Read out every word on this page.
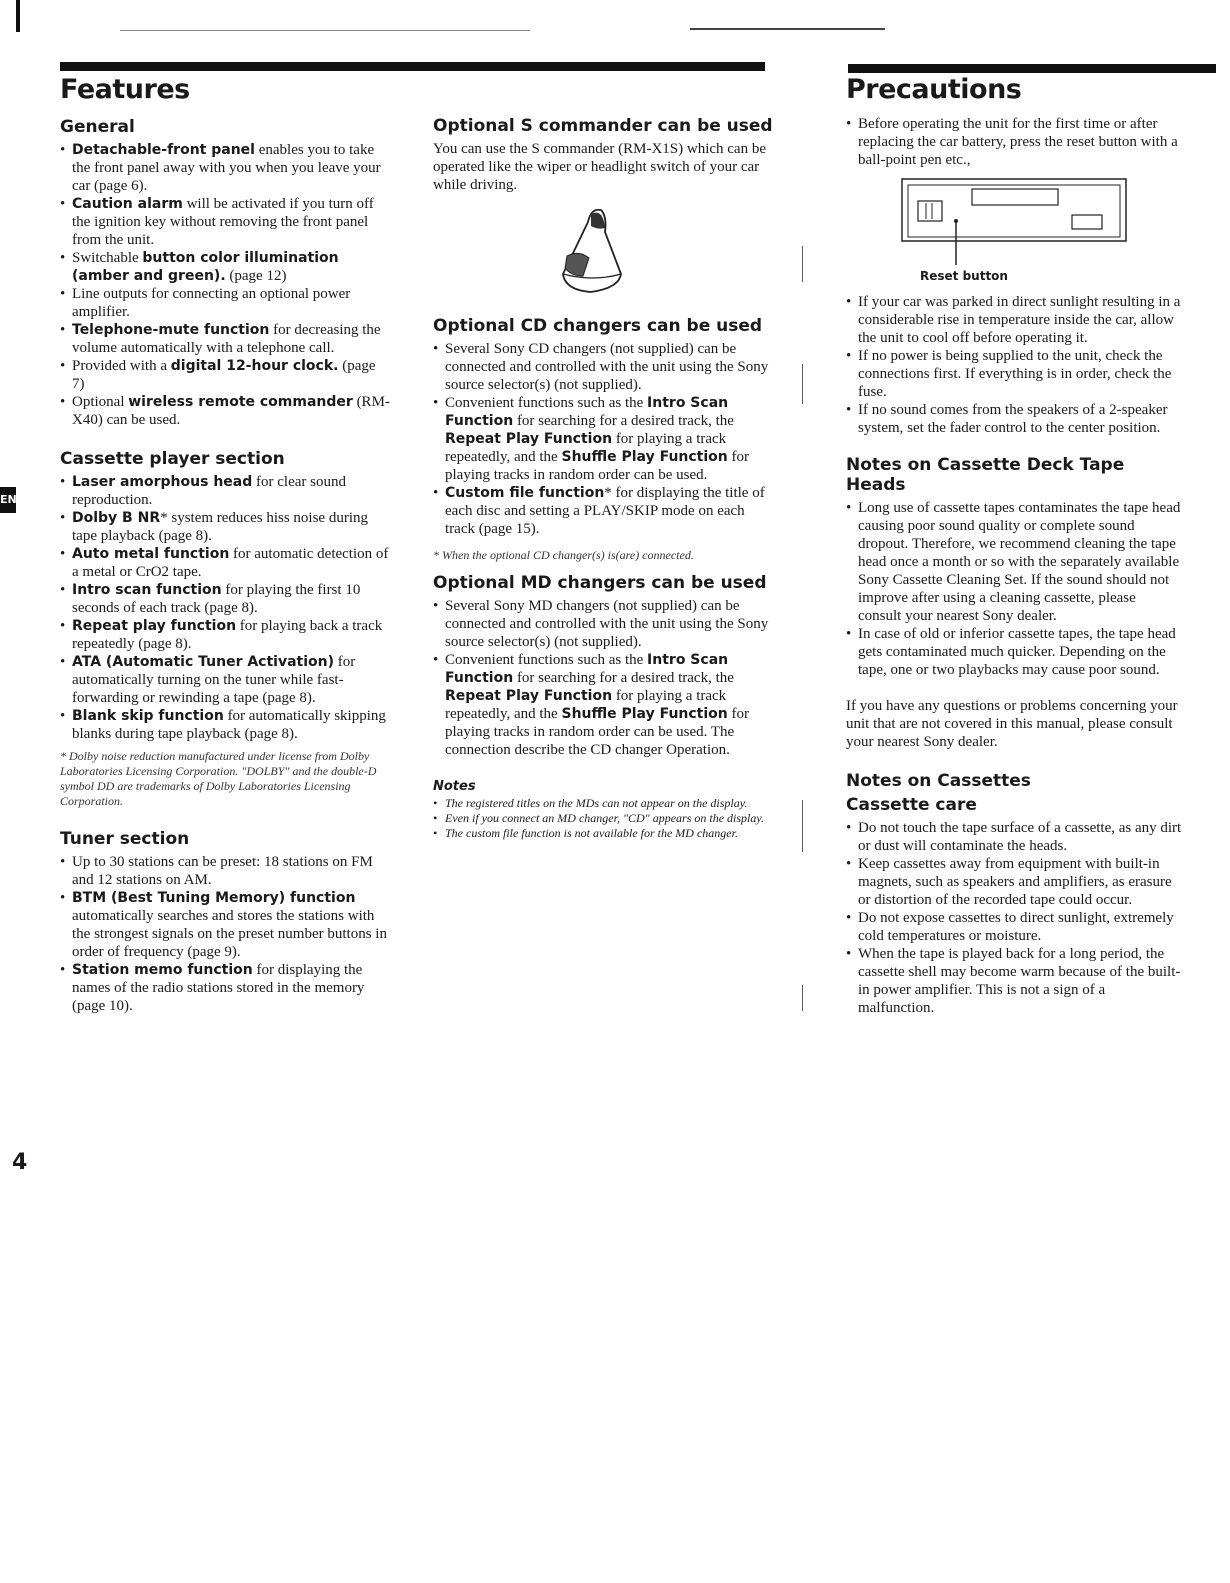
EN
4
Features
General
• Detachable-front panel enables you to take the front panel away with you when you leave your car (page 6).
• Caution alarm will be activated if you turn off the ignition key without removing the front panel from the unit.
• Switchable button color illumination (amber and green). (page 12)
• Line outputs for connecting an optional power amplifier.
• Telephone-mute function for decreasing the volume automatically with a telephone call.
• Provided with a digital 12-hour clock. (page 7)
• Optional wireless remote commander (RM-X40) can be used.
Cassette player section
• Laser amorphous head for clear sound reproduction.
• Dolby B NR* system reduces hiss noise during tape playback (page 8).
• Auto metal function for automatic detection of a metal or CrO2 tape.
• Intro scan function for playing the first 10 seconds of each track (page 8).
• Repeat play function for playing back a track repeatedly (page 8).
• ATA (Automatic Tuner Activation) for automatically turning on the tuner while fast-forwarding or rewinding a tape (page 8).
• Blank skip function for automatically skipping blanks during tape playback (page 8).

* Dolby noise reduction manufactured under license from Dolby Laboratories Licensing Corporation. "DOLBY" and the double-D symbol DD are trademarks of Dolby Laboratories Licensing Corporation.

Tuner section
• Up to 30 stations can be preset: 18 stations on FM and 12 stations on AM.
• BTM (Best Tuning Memory) function automatically searches and stores the stations with the strongest signals on the preset number buttons in order of frequency (page 9).
• Station memo function for displaying the names of the radio stations stored in the memory (page 10).
Optional S commander can be used

You can use the S commander (RM-X1S) which can be operated like the wiper or headlight switch of your car while driving.

Optional CD changers can be used
• Several Sony CD changers (not supplied) can be connected and controlled with the unit using the Sony source selector(s) (not supplied).
• Convenient functions such as the Intro Scan Function for searching for a desired track, the Repeat Play Function for playing a track repeatedly, and the Shuffle Play Function for playing tracks in random order can be used.
• Custom file function* for displaying the title of each disc and setting a PLAY/SKIP mode on each track (page 15).

* When the optional CD changer(s) is(are) connected.

Optional MD changers can be used
• Several Sony MD changers (not supplied) can be connected and controlled with the unit using the Sony source selector(s) (not supplied).
• Convenient functions such as the Intro Scan Function for searching for a desired track, the Repeat Play Function for playing a track repeatedly, and the Shuffle Play Function for playing tracks in random order can be used. The connection describe the CD changer Operation.
Notes
• The registered titles on the MDs can not appear on the display.
• Even if you connect an MD changer, "CD" appears on the display.
• The custom file function is not available for the MD changer.
Precautions
• Before operating the unit for the first time or after replacing the car battery, press the reset button with a ball-point pen etc.,
Reset button
• If your car was parked in direct sunlight resulting in a considerable rise in temperature inside the car, allow the unit to cool off before operating it.
• If no power is being supplied to the unit, check the connections first. If everything is in order, check the fuse.
• If no sound comes from the speakers of a 2-speaker system, set the fader control to the center position.
Notes on Cassette Deck Tape Heads
• Long use of cassette tapes contaminates the tape head causing poor sound quality or complete sound dropout. Therefore, we recommend cleaning the tape head once a month or so with the separately available Sony Cassette Cleaning Set. If the sound should not improve after using a cleaning cassette, please consult your nearest Sony dealer.
• In case of old or inferior cassette tapes, the tape head gets contaminated much quicker. Depending on the tape, one or two playbacks may cause poor sound.

If you have any questions or problems concerning your unit that are not covered in this manual, please consult your nearest Sony dealer.

Notes on Cassettes
Cassette care
• Do not touch the tape surface of a cassette, as any dirt or dust will contaminate the heads.
• Keep cassettes away from equipment with built-in magnets, such as speakers and amplifiers, as erasure or distortion of the recorded tape could occur.
• Do not expose cassettes to direct sunlight, extremely cold temperatures or moisture.
• When the tape is played back for a long period, the cassette shell may become warm because of the built-in power amplifier. This is not a sign of a malfunction.
